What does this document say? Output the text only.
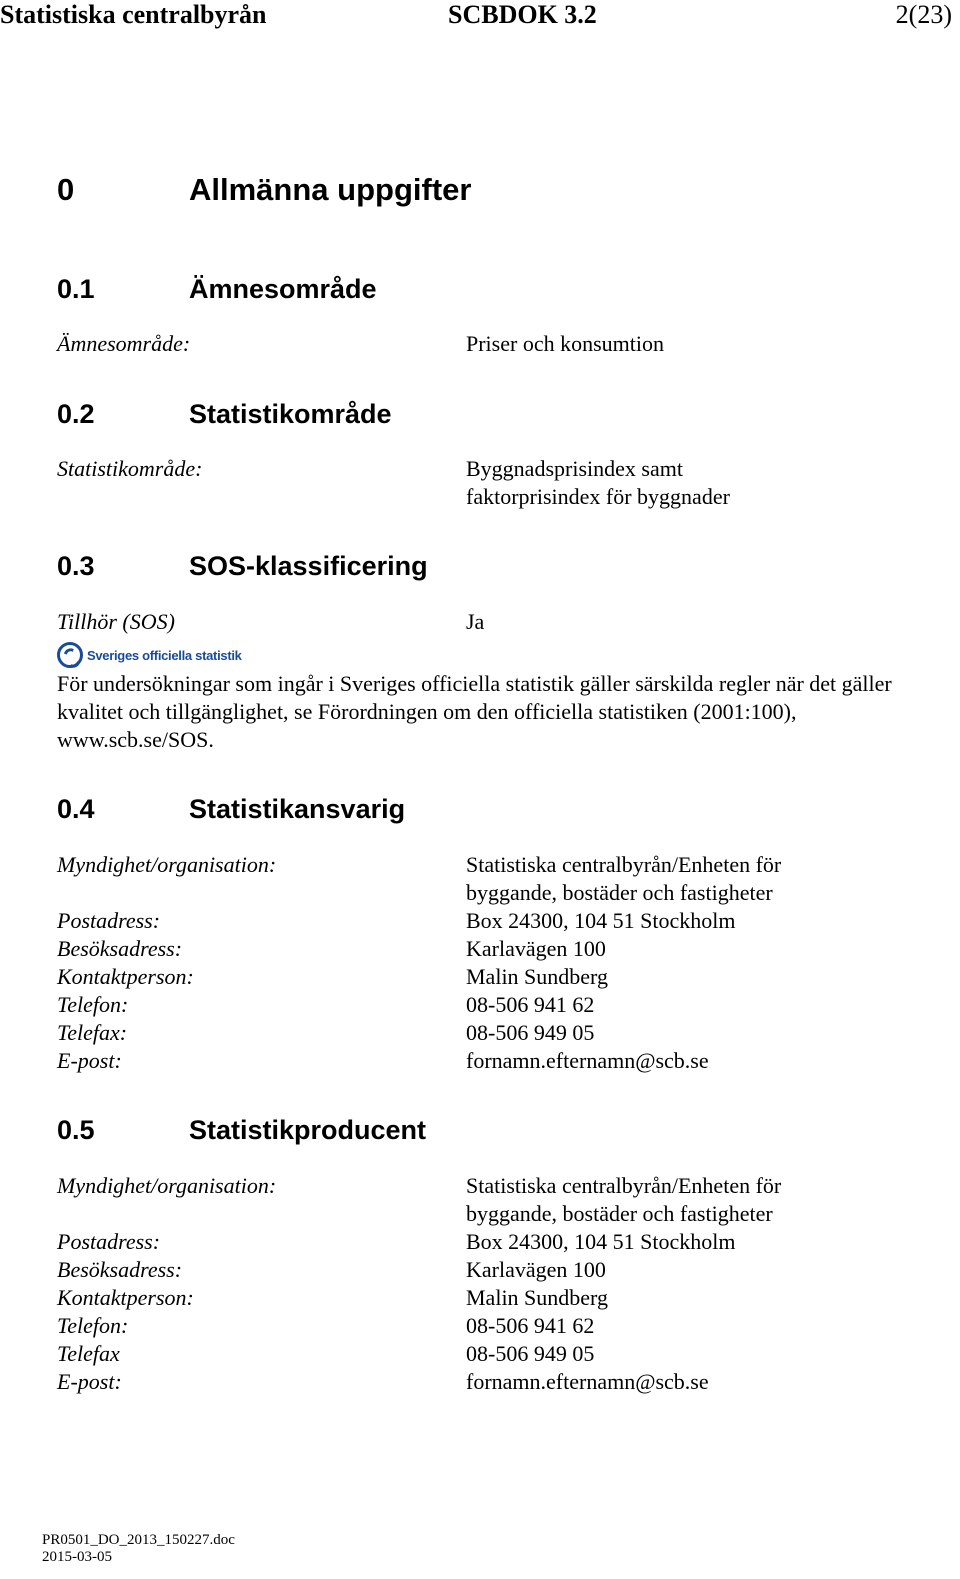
Statistiska centralbyrån	SCBDOK 3.2	2(23)
0	Allmänna uppgifter
0.1	Ämnesområde
Ämnesområde:	Priser och konsumtion
0.2	Statistikområde
Statistikområde:	Byggnadsprisindex samt
faktorprisindex för byggnader
0.3	SOS-klassificering
Tillhör (SOS)	Ja
Sveriges officiella statistik
För undersökningar som ingår i Sveriges officiella statistik gäller särskilda regler när det gäller kvalitet och tillgänglighet, se Förordningen om den officiella statistiken (2001:100), www.scb.se/SOS.
0.4	Statistikansvarig
Myndighet/organisation:	Statistiska centralbyrån/Enheten för
byggande, bostäder och fastigheter
Postadress:	Box 24300, 104 51 Stockholm
Besöksadress:	Karlavägen 100
Kontaktperson:	Malin Sundberg
Telefon:	08-506 941 62
Telefax:	08-506 949 05
E-post:	fornamn.efternamn@scb.se
0.5	Statistikproducent
Myndighet/organisation:	Statistiska centralbyrån/Enheten för
byggande, bostäder och fastigheter
Postadress:	Box 24300, 104 51 Stockholm
Besöksadress:	Karlavägen 100
Kontaktperson:	Malin Sundberg
Telefon:	08-506 941 62
Telefax	08-506 949 05
E-post:	fornamn.efternamn@scb.se
PR0501_DO_2013_150227.doc
2015-03-05
